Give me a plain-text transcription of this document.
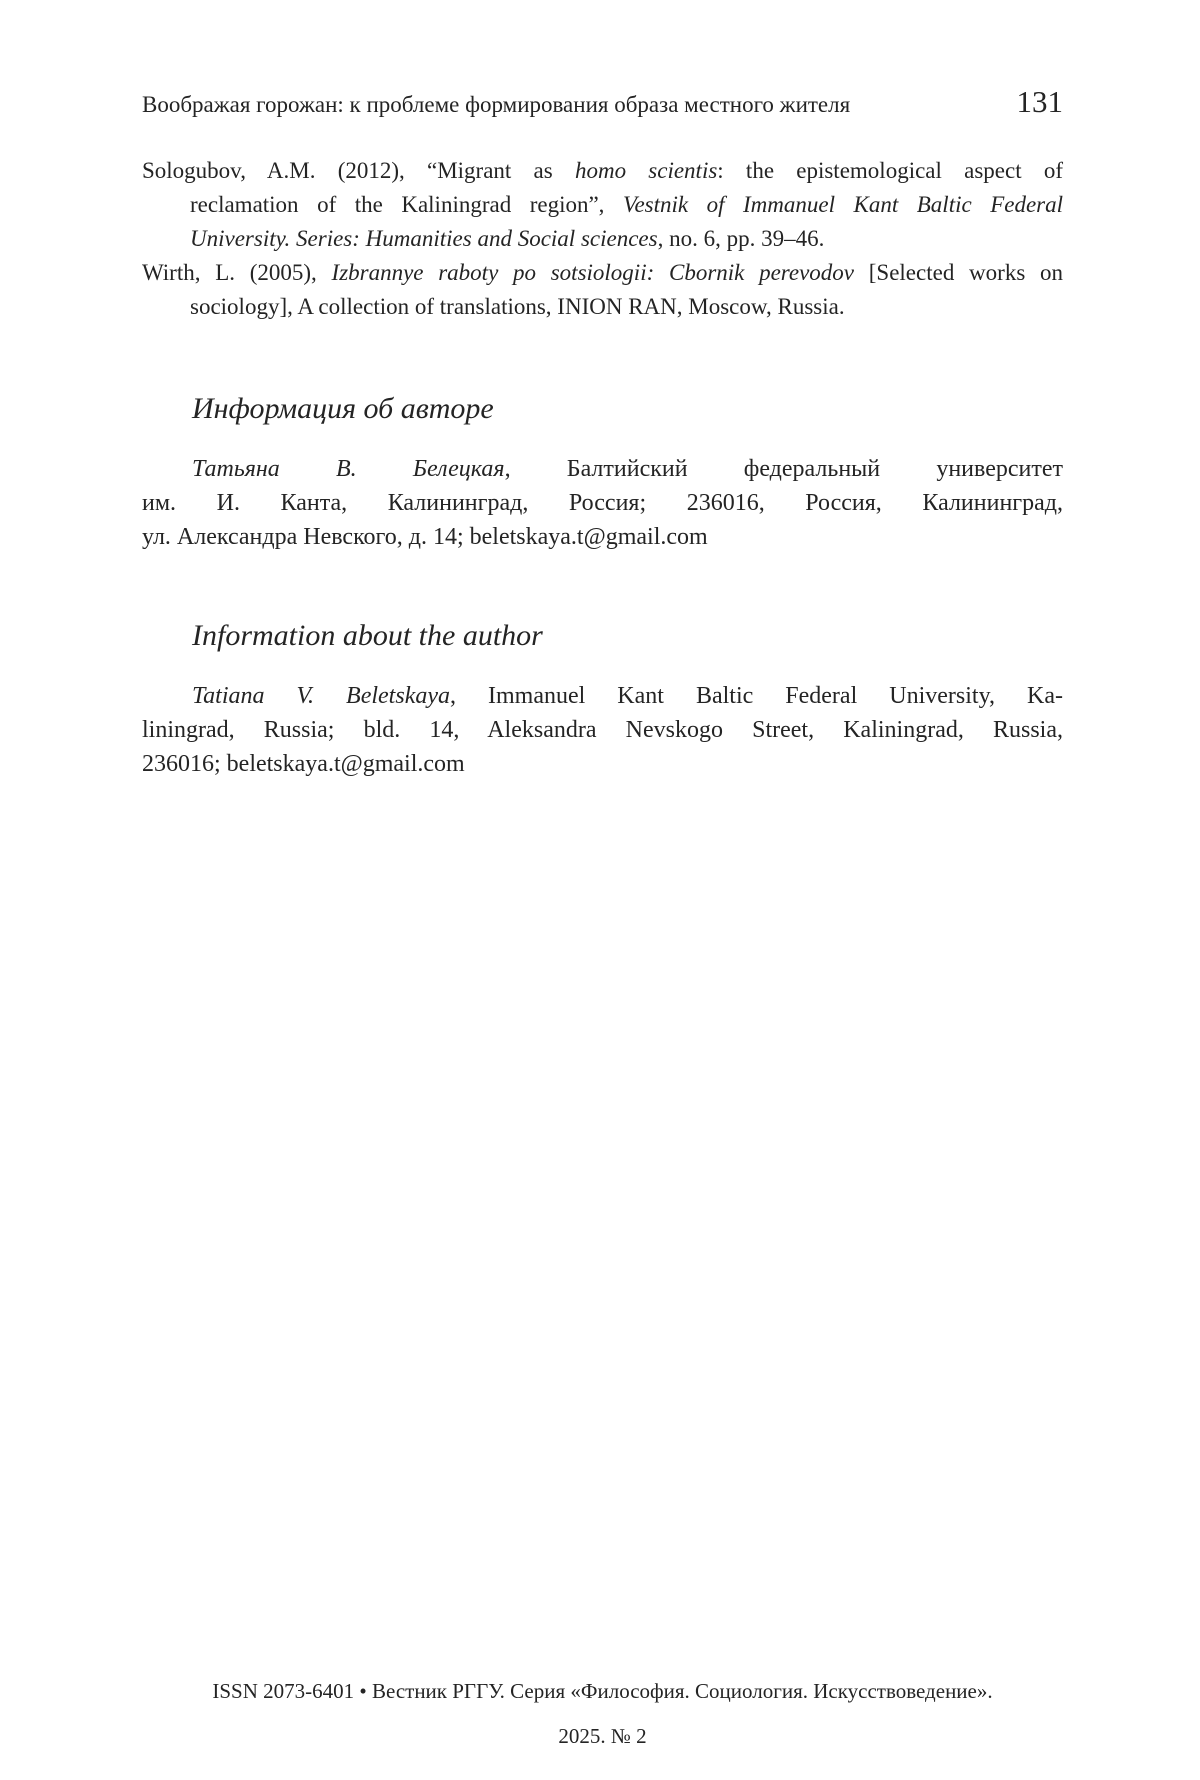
Воображая горожан: к проблеме формирования образа местного жителя	131
Sologubov, A.M. (2012), “Migrant as homo scientis: the epistemological aspect of
reclamation of the Kaliningrad region”, Vestnik of Immanuel Kant Baltic Federal
University. Series: Humanities and Social sciences, no. 6, pp. 39–46.
Wirth, L. (2005), Izbrannye raboty po sotsiologii: Cbornik perevodov [Selected works on
sociology], A collection of translations, INION RAN, Moscow, Russia.
Информация об авторе
Татьяна В. Белецкая, Балтийский федеральный университет
им. И. Канта, Калининград, Россия; 236016, Россия, Калининград,
ул. Александра Невского, д. 14; beletskaya.t@gmail.com
Information about the author
Tatiana V. Beletskaya, Immanuel Kant Baltic Federal University, Ka-
liningrad, Russia; bld. 14, Aleksandra Nevskogo Street, Kaliningrad, Russia,
236016; beletskaya.t@gmail.com
ISSN 2073-6401 • Вестник РГГУ. Серия «Философия. Социология. Искусствоведение».
2025. № 2
